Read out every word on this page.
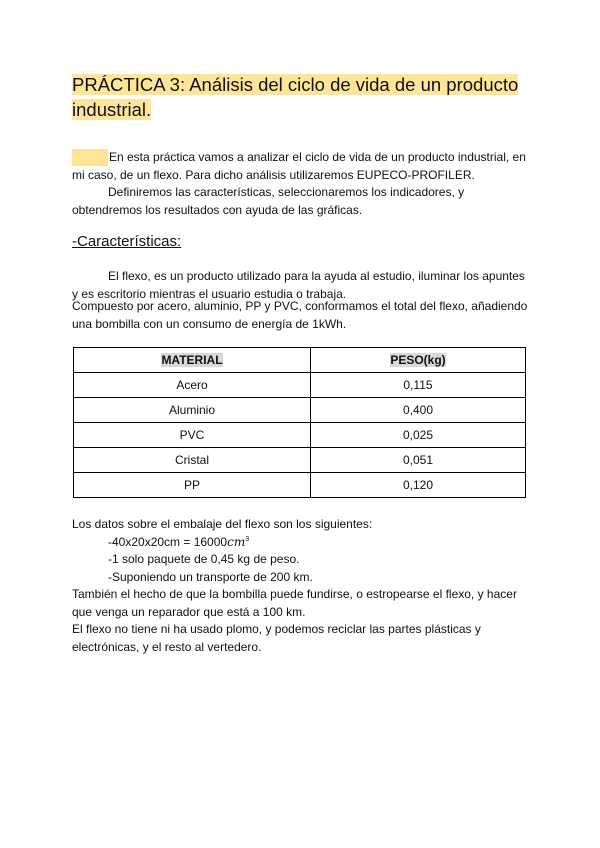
PRÁCTICA 3: Análisis del ciclo de vida de un producto industrial.

En esta práctica vamos a analizar el ciclo de vida de un producto industrial, en mi caso, de un flexo. Para dicho análisis utilizaremos EUPECO-PROFILER.

Definiremos las características, seleccionaremos los indicadores, y obtendremos los resultados con ayuda de las gráficas.

-Características:

El flexo, es un producto utilizado para la ayuda al estudio, iluminar los apuntes y es escritorio mientras el usuario estudia o trabaja.

Compuesto por acero, aluminio, PP y PVC, conformamos el total del flexo, añadiendo una bombilla con un consumo de energía de 1kWh.

MATERIAL	PESO(kg)
Acero	0,115
Aluminio	0,400
PVC	0,025
Cristal	0,051
PP	0,120
Los datos sobre el embalaje del flexo son los siguientes:
$-40x20x20cm = 16000cm^3$
-1 solo paquete de 0,45 kg de peso.
-Suponiendo un transporte de 200 km.
También el hecho de que la bombilla puede fundirse, o estropearse el flexo, y hacer que venga un reparador que está a 100 km.
El flexo no tiene ni ha usado plomo, y podemos reciclar las partes plásticas y electrónicas, y el resto al vertedero.
